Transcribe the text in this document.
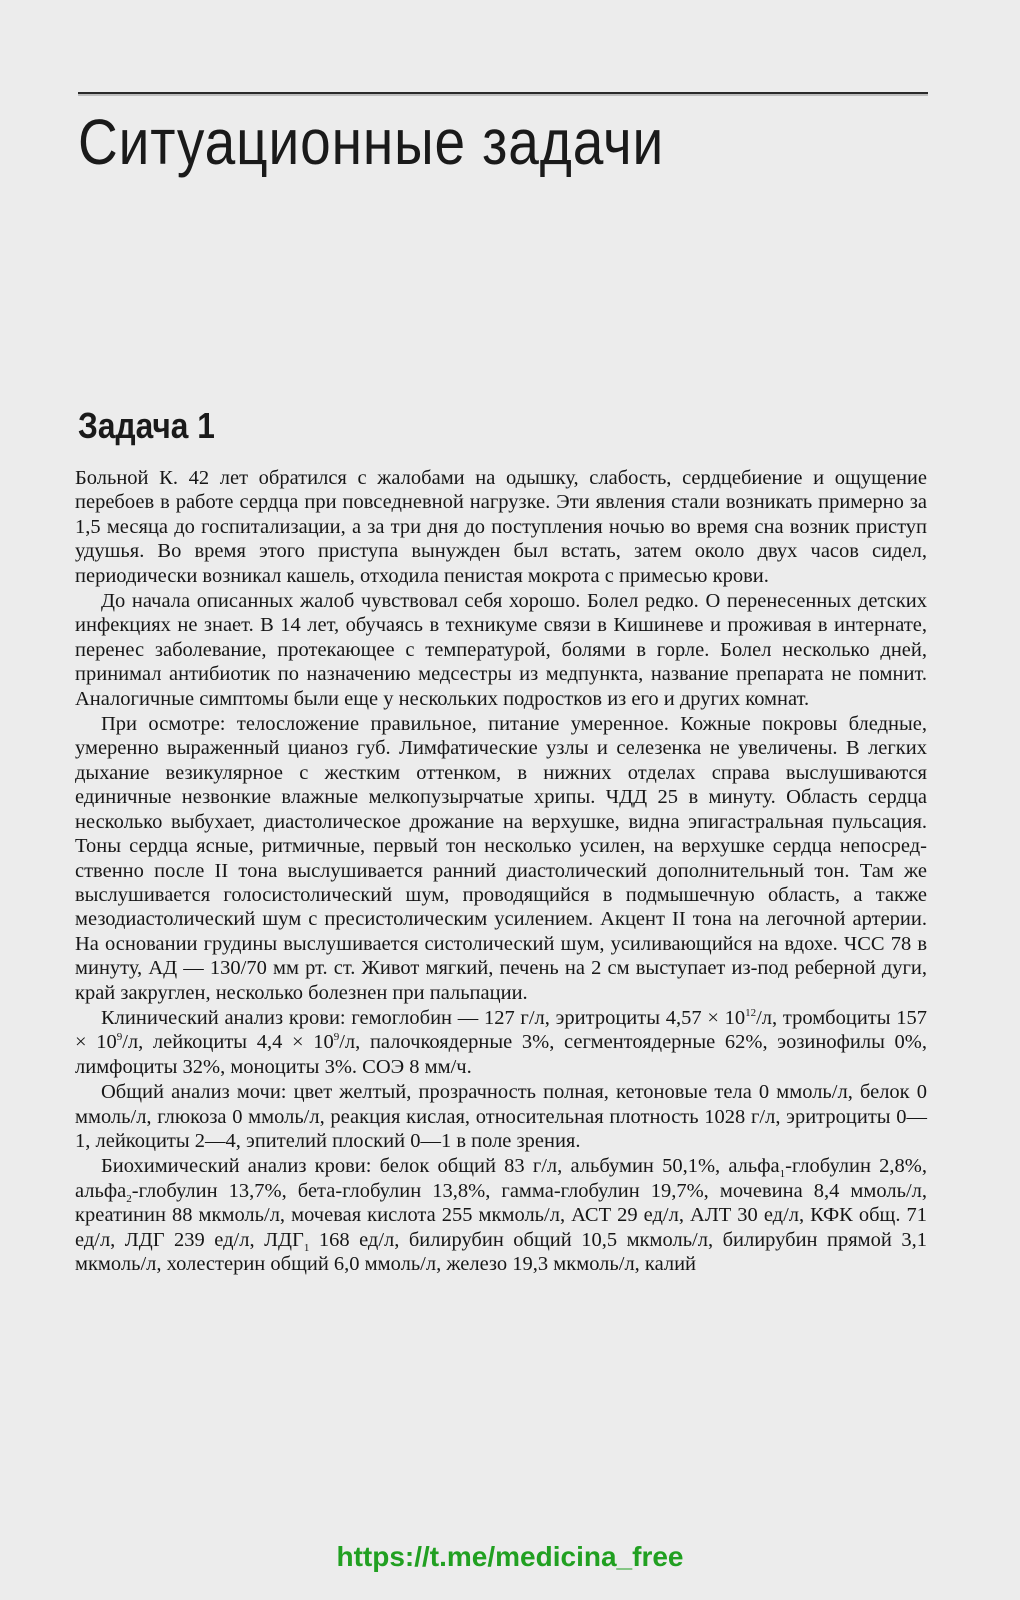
Ситуационные задачи
Задача 1

Больной К. 42 лет обратился с жалобами на одышку, слабость, сердцебиение и ощущение перебоев в работе сердца при повседневной нагрузке. Эти явления стали возникать примерно за 1,5 месяца до госпитализации, а за три дня до поступления ночью во время сна возник приступ удушья. Во время этого приступа вынужден был встать, затем около двух часов сидел, периодически возникал кашель, отходила пенистая мокрота с примесью крови.

До начала описанных жалоб чувствовал себя хорошо. Болел редко. О перенесенных детских инфекциях не знает. В 14 лет, обучаясь в техникуме связи в Кишиневе и проживая в интернате, перенес заболевание, протекающее с температурой, болями в горле. Болел несколько дней, принимал антибиотик по назначению медсестры из медпункта, название препарата не помнит. Аналогичные симптомы были еще у нескольких подростков из его и других комнат.

При осмотре: телосложение правильное, питание умеренное. Кожные покровы бледные, умеренно выраженный цианоз губ. Лимфатические узлы и селезенка не увеличены. В легких дыхание везикулярное с жестким оттенком, в нижних отделах справа выслушиваются единичные незвонкие влажные мелкопузырчатые хрипы. ЧДД 25 в минуту. Область сердца несколько выбухает, диастолическое дрожание на верхушке, видна эпигастральная пульсация. Тоны сердца ясные, ритмичные, первый тон несколько усилен, на верхушке сердца непосредственно после II тона выслушивается ранний диастолический дополнительный тон. Там же выслушивается голосистолический шум, проводящийся в подмышечную область, а также мезодиастолический шум с пресистолическим усилением. Акцент II тона на легочной артерии. На основании грудины выслушивается систолический шум, усиливающийся на вдохе. ЧСС 78 в минуту, АД — 130/70 мм рт. ст. Живот мягкий, печень на 2 см выступает из-под реберной дуги, край закруглен, несколько болезнен при пальпации.

Клинический анализ крови: гемоглобин — 127 г/л, эритроциты $4,57 \times 10^{12}/л$, тромбоциты $157 \times 10^9/л$, лейкоциты $4,4 \times 10^9/л$, палочкоядерные 3%, сегментоядерные 62%, эозинофилы 0%, лимфоциты 32%, моноциты 3%. СОЭ 8 мм/ч.

Общий анализ мочи: цвет желтый, прозрачность полная, кетоновые тела 0 ммоль/л, белок 0 ммоль/л, глюкоза 0 ммоль/л, реакция кислая, относительная плотность 1028 г/л, эритроциты 0—1, лейкоциты 2—4, эпителий плоский 0—1 в поле зрения.

Биохимический анализ крови: белок общий 83 г/л, альбумин 50,1%, альфа$_1$-глобулин 2,8%, альфа$_2$-глобулин 13,7%, бета-глобулин 13,8%, гамма-глобулин 19,7%, мочевина 8,4 ммоль/л, креатинин 88 мкмоль/л, мочевая кислота 255 мкмоль/л, АСТ 29 ед/л, АЛТ 30 ед/л, КФК общ. 71 ед/л, ЛДГ 239 ед/л, $ЛДГ_1$ 168 ед/л, билирубин общий 10,5 мкмоль/л, билирубин прямой 3,1 мкмоль/л, холестерин общий 6,0 ммоль/л, железо 19,3 мкмоль/л, калий

https://t.me/medicina_free
